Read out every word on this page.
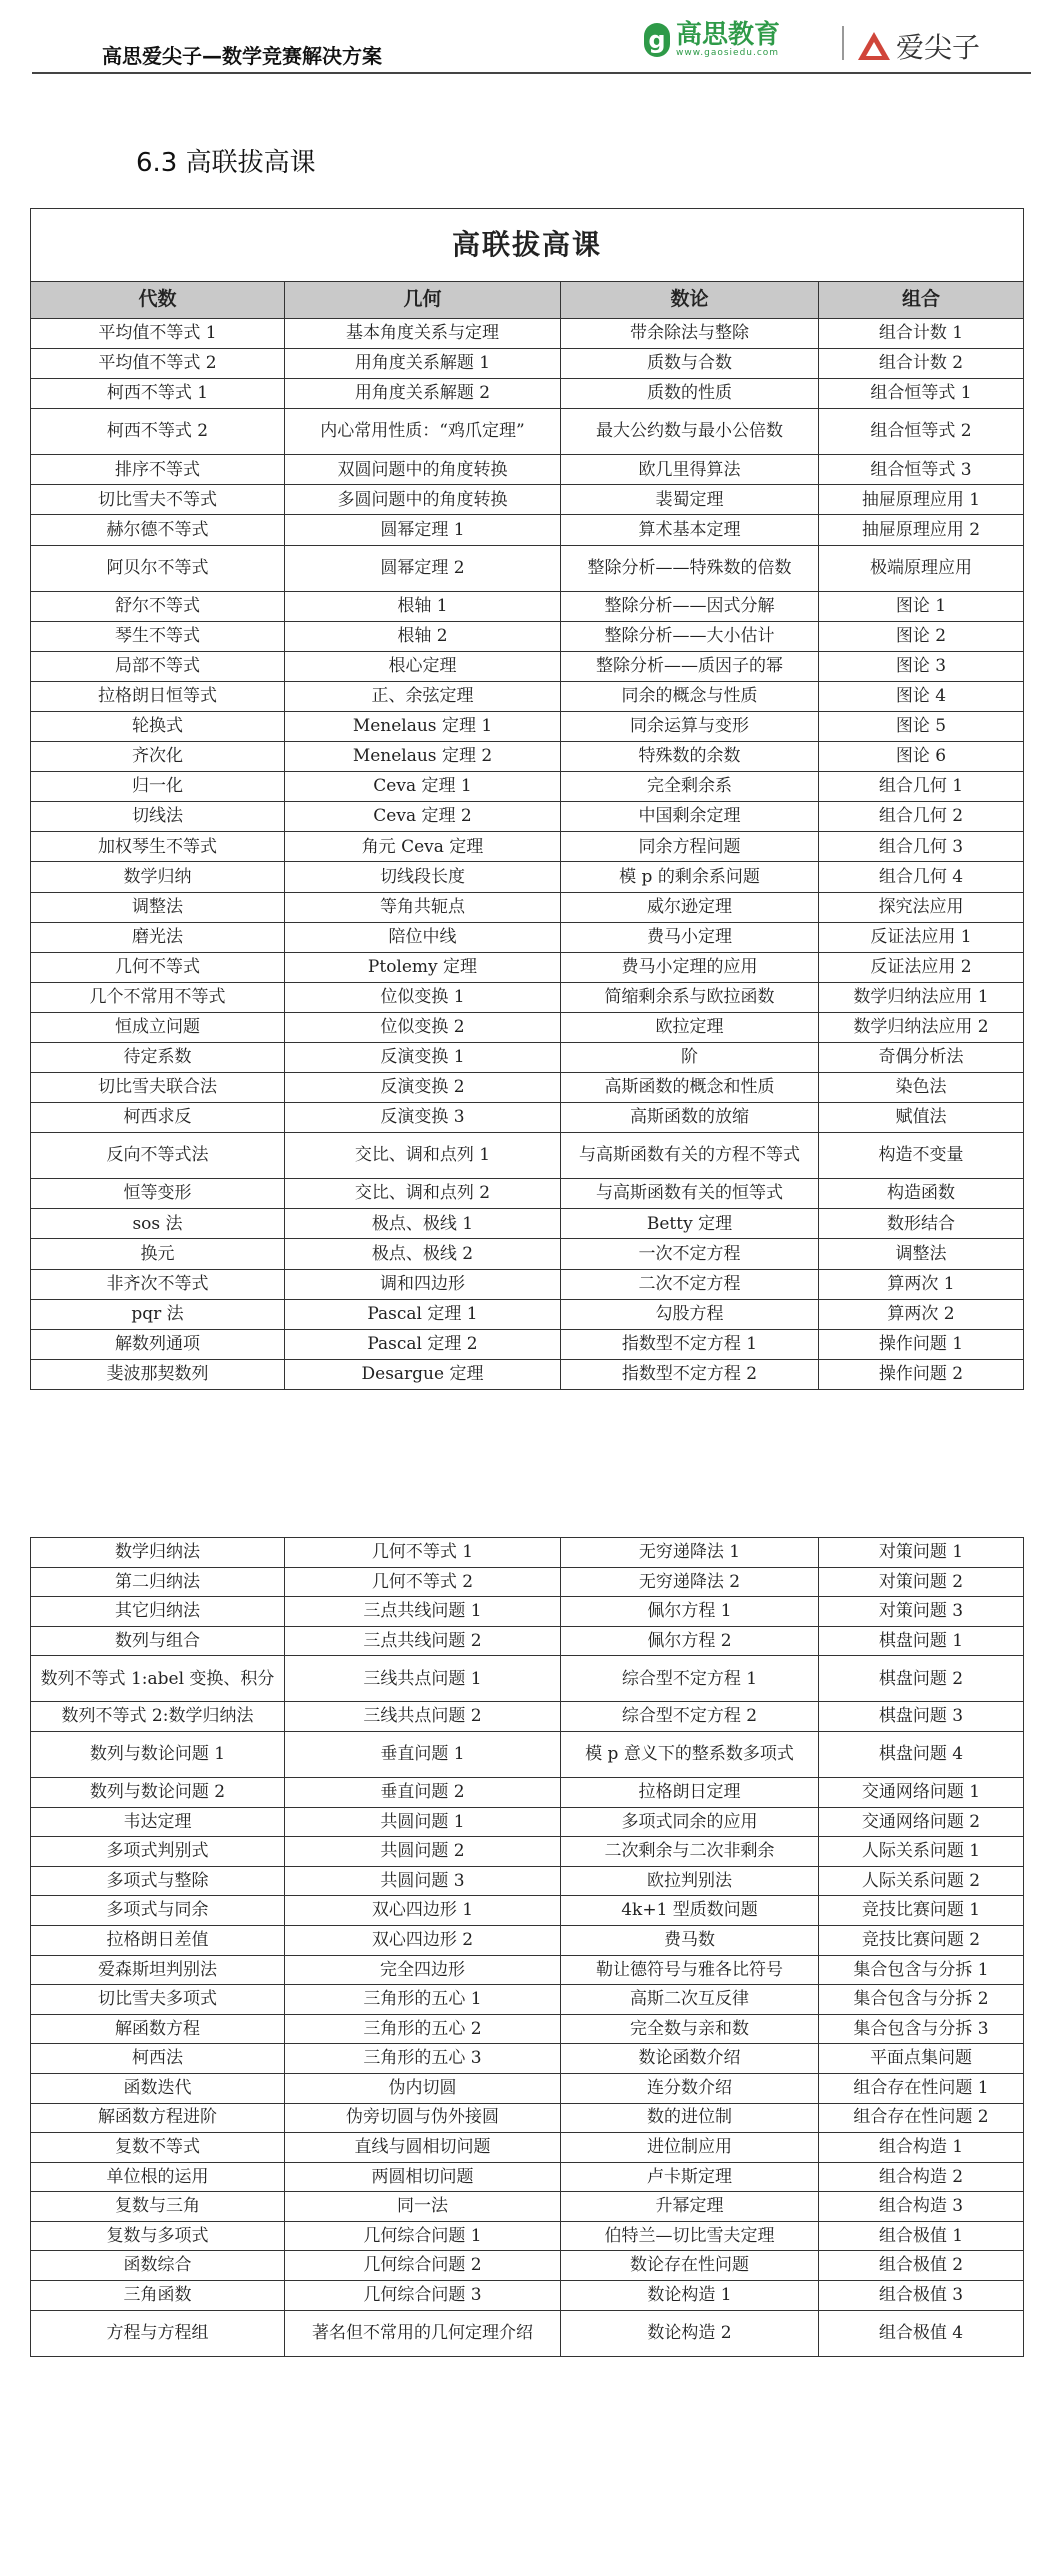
高思爱尖子—数学竞赛解决方案
g 高思教育
www.gaosiedu.com	爱尖子
6.3 高联拔高课
高联拔高课			
代数	几何	数论	组合
平均值不等式 1	基本角度关系与定理	带余除法与整除	组合计数 1
平均值不等式 2	用角度关系解题 1	质数与合数	组合计数 2
柯西不等式 1	用角度关系解题 2	质数的性质	组合恒等式 1
柯西不等式 2	内心常用性质：“鸡爪定理”	最大公约数与最小公倍数	组合恒等式 2
排序不等式	双圆问题中的角度转换	欧几里得算法	组合恒等式 3
切比雪夫不等式	多圆问题中的角度转换	裴蜀定理	抽屉原理应用 1
赫尔德不等式	圆幂定理 1	算术基本定理	抽屉原理应用 2
阿贝尔不等式	圆幂定理 2	整除分析——特殊数的倍数	极端原理应用
舒尔不等式	根轴 1	整除分析——因式分解	图论 1
琴生不等式	根轴 2	整除分析——大小估计	图论 2
局部不等式	根心定理	整除分析——质因子的幂	图论 3
拉格朗日恒等式	正、余弦定理	同余的概念与性质	图论 4
轮换式	Menelaus 定理 1	同余运算与变形	图论 5
齐次化	Menelaus 定理 2	特殊数的余数	图论 6
归一化	Ceva 定理 1	完全剩余系	组合几何 1
切线法	Ceva 定理 2	中国剩余定理	组合几何 2
加权琴生不等式	角元 Ceva 定理	同余方程问题	组合几何 3
数学归纳	切线段长度	模 p 的剩余系问题	组合几何 4
调整法	等角共轭点	威尔逊定理	探究法应用
磨光法	陪位中线	费马小定理	反证法应用 1
几何不等式	Ptolemy 定理	费马小定理的应用	反证法应用 2
几个不常用不等式	位似变换 1	简缩剩余系与欧拉函数	数学归纳法应用 1
恒成立问题	位似变换 2	欧拉定理	数学归纳法应用 2
待定系数	反演变换 1	阶	奇偶分析法
切比雪夫联合法	反演变换 2	高斯函数的概念和性质	染色法
柯西求反	反演变换 3	高斯函数的放缩	赋值法
反向不等式法	交比、调和点列 1	与高斯函数有关的方程不等式	构造不变量
恒等变形	交比、调和点列 2	与高斯函数有关的恒等式	构造函数
sos 法	极点、极线 1	Betty 定理	数形结合
换元	极点、极线 2	一次不定方程	调整法
非齐次不等式	调和四边形	二次不定方程	算两次 1
pqr 法	Pascal 定理 1	勾股方程	算两次 2
解数列通项	Pascal 定理 2	指数型不定方程 1	操作问题 1
斐波那契数列	Desargue 定理	指数型不定方程 2	操作问题 2
数学归纳法	几何不等式 1	无穷递降法 1	对策问题 1
第二归纳法	几何不等式 2	无穷递降法 2	对策问题 2
其它归纳法	三点共线问题 1	佩尔方程 1	对策问题 3
数列与组合	三点共线问题 2	佩尔方程 2	棋盘问题 1
数列不等式 1:abel 变换、积分	三线共点问题 1	综合型不定方程 1	棋盘问题 2
数列不等式 2:数学归纳法	三线共点问题 2	综合型不定方程 2	棋盘问题 3
数列与数论问题 1	垂直问题 1	模 p 意义下的整系数多项式	棋盘问题 4
数列与数论问题 2	垂直问题 2	拉格朗日定理	交通网络问题 1
韦达定理	共圆问题 1	多项式同余的应用	交通网络问题 2
多项式判别式	共圆问题 2	二次剩余与二次非剩余	人际关系问题 1
多项式与整除	共圆问题 3	欧拉判别法	人际关系问题 2
多项式与同余	双心四边形 1	4k+1 型质数问题	竞技比赛问题 1
拉格朗日差值	双心四边形 2	费马数	竞技比赛问题 2
爱森斯坦判别法	完全四边形	勒让德符号与雅各比符号	集合包含与分拆 1
切比雪夫多项式	三角形的五心 1	高斯二次互反律	集合包含与分拆 2
解函数方程	三角形的五心 2	完全数与亲和数	集合包含与分拆 3
柯西法	三角形的五心 3	数论函数介绍	平面点集问题
函数迭代	伪内切圆	连分数介绍	组合存在性问题 1
解函数方程进阶	伪旁切圆与伪外接圆	数的进位制	组合存在性问题 2
复数不等式	直线与圆相切问题	进位制应用	组合构造 1
单位根的运用	两圆相切问题	卢卡斯定理	组合构造 2
复数与三角	同一法	升幂定理	组合构造 3
复数与多项式	几何综合问题 1	伯特兰—切比雪夫定理	组合极值 1
函数综合	几何综合问题 2	数论存在性问题	组合极值 2
三角函数	几何综合问题 3	数论构造 1	组合极值 3
方程与方程组	著名但不常用的几何定理介绍	数论构造 2	组合极值 4
